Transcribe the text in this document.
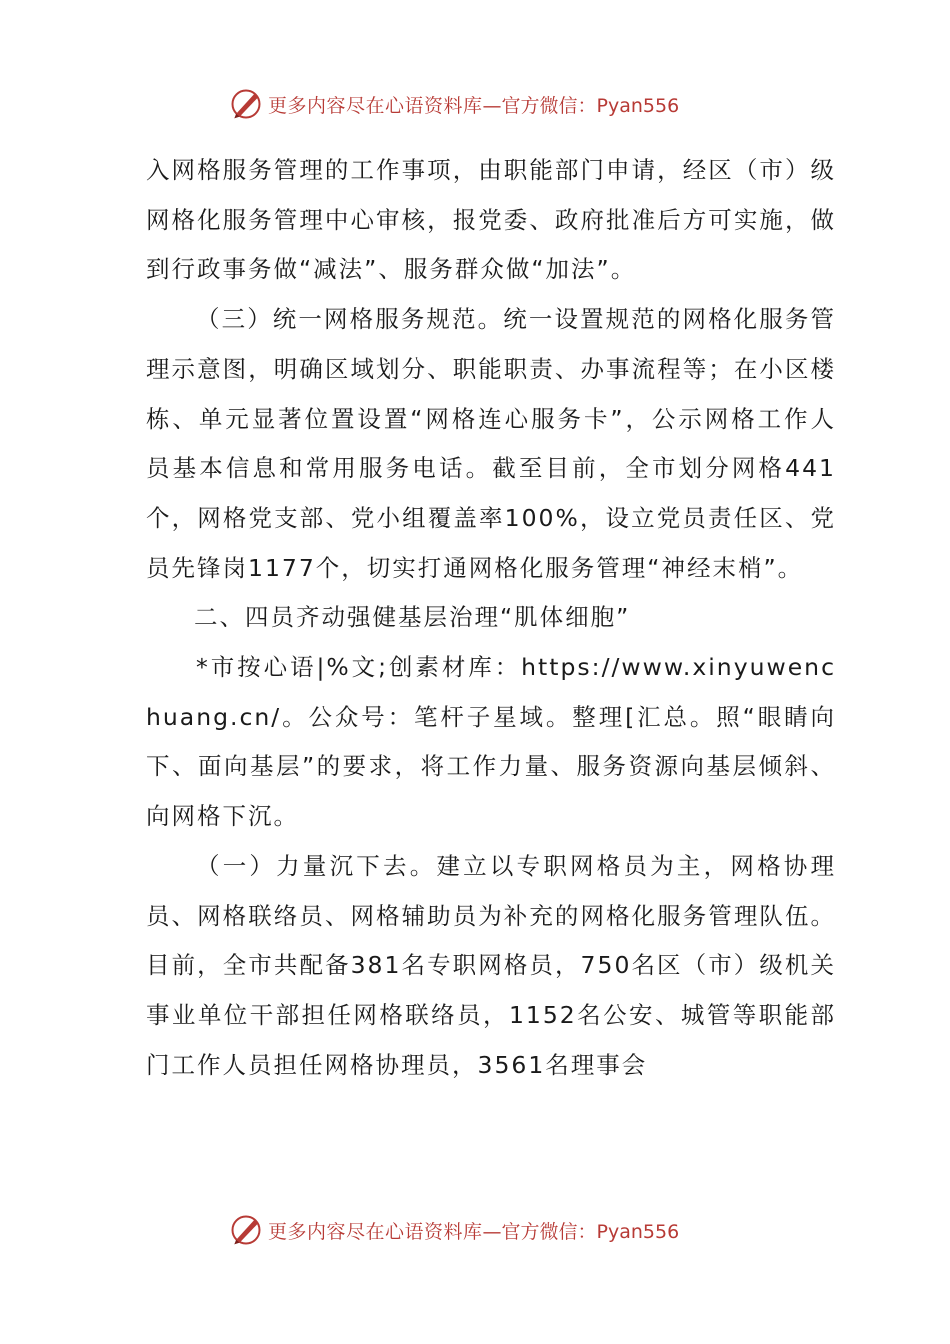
更多内容尽在心语资料库 —官方微信：Pyan556

入网格服务管理的工作事项，由职能部门申请，经区（市）级网格化服务管理中心审核，报党委、政府批准后方可实施，做到行政事务做“减法”、服务群众做“加法”。

（三）统一网格服务规范。统一设置规范的网格化服务管理示意图，明确区域划分、职能职责、办事流程等；在小区楼栋、单元显著位置设置“网格连心服务卡”，公示网格工作人员基本信息和常用服务电话。截至目前，全市划分网格441个，网格党支部、党小组覆盖率100%，设立党员责任区、党员先锋岗1177个，切实打通网格化服务管理“神经末梢”。

二、四员齐动强健基层治理“肌体细胞”

*市按心语|%文;创素材库：https://www.xinyuwenchuang.cn/。公众号：笔杆子星域。整理[汇总。照“眼睛向下、面向基层”的要求，将工作力量、服务资源向基层倾斜、向网格下沉。

（一）力量沉下去。建立以专职网格员为主，网格协理员、网格联络员、网格辅助员为补充的网格化服务管理队伍。目前，全市共配备381名专职网格员，750名区（市）级机关事业单位干部担任网格联络员，1152名公安、城管等职能部门工作人员担任网格协理员，3561名理事会

更多内容尽在心语资料库 —官方微信：Pyan556
